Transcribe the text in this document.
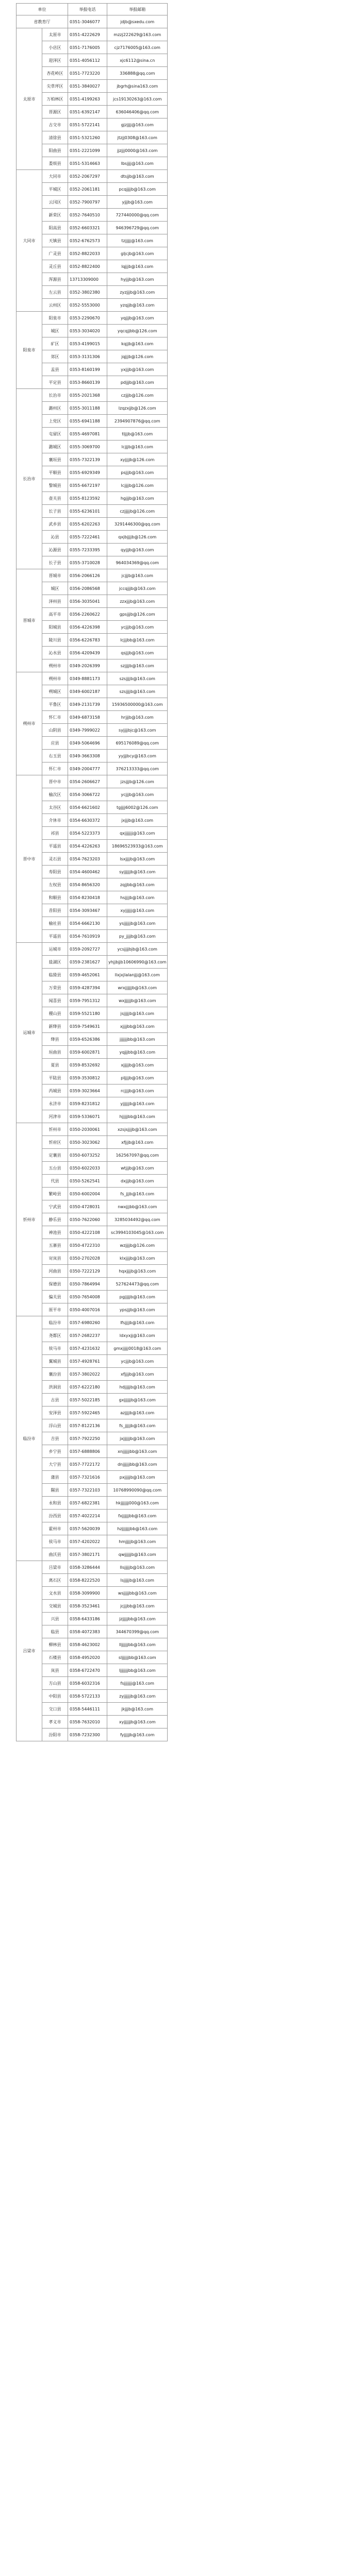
单位		举报电话	举报邮箱
省教育厅		0351-3046077	jdjb@sxedu.com
太原市	太原市	0351-4222629	mzzj222629@163.com
	小店区	0351-7176005	cjz7176005@163.com
	迎泽区	0351-4056112	xjc6112@sina.cn
	杏花岭区	0351-7723220	336888@qq.com
	尖草坪区	0351-3840027	jbgrh@sina163.com
	万柏林区	0351-4199263	jcs19130263@163.com
	晋源区	0351-6392147	636046406@qq.com
	古交市	0351-5722141	gjzjjjj@163.com
	清徐县	0351-5321260	jtzjj0308@163.com
	阳曲县	0351-2221099	jjzjjj0000@163.com
	娄烦县	0351-5314663	lbsjjjj@163.com
大同市	大同市	0352-2067297	dtsjjb@163.com
	平城区	0352-2061181	pcqjjjjb@163.com
	云冈区	0352-7900797	yjjjb@163.com
	新荣区	0352-7640510	727440000@qq.com
	阳高县	0352-6603321	946396729@qq.com
	天镇县	0352-6762573	tzjjjjj@163.com
	广灵县	0352-8822033	gljcjb@163.com
	灵丘县	0352-8822400	lqjjjb@163.com
	浑源县	13713309000	hyjjjb@163.com
	左云县	0352-3802380	zyzjjjb@163.com
	云州区	0352-5553000	yzqjjb@163.com
阳泉市	阳泉市	0353-2290670	yqjjjb@163.com
	城区	0353-3034020	yqcqjjbb@126.com
	矿区	0353-4199015	kqjjb@163.com
	郊区	0353-3131306	jqjjjb@126.com
	盂县	0353-8160199	yxjjjb@163.com
	平定县	0353-8660139	pdjjjb@163.com
长治市	长治市	0355-2021368	czjjjb@126.com
	潞州区	0355-3011188	lzqzxjjb@126.com
	上党区	0355-6941188	2394907876@qq.com
	屯留区	0355-4697081	tljjjb@163.com
	潞城区	0355-3069700	lcjjjb@163.com
	襄垣县	0355-7322139	xyjjjjb@126.com
	平顺县	0355-6929349	psjjjb@163.com
	黎城县	0355-6672197	lcjjjjb@126.com
	壶关县	0355-8123592	hgjjjb@163.com
	长子县	0355-6236101	czjjjjjb@126.com
	武乡县	0355-6202263	3291446300@qq.com
	沁县	0355-7222461	qxjbjjjjb@126.com
	沁源县	0355-7233395	qyjjjb@163.com
	长子县	0355-3710028	964034369@qq.com
晋城市	晋城市	0356-2066126	jcjjjb@163.com
	城区	0356-2086568	jccqjjjb@163.com
	泽州县	0356-3035041	zzxjjjb@163.com
	高平市	0356-2260622	gpsjjjb@126.com
	阳城县	0356-4226398	ycjjjb@163.com
	陵川县	0356-6226783	lcjjjbb@163.com
	沁水县	0356-4209439	qsjjjb@163.com
	朔州市	0349-2026399	szjjjjb@163.com
朔州市	朔州市	0349-8881173	szsjjjjb@163.com
	朔城区	0349-6002187	szsjjjjb@163.com
	平鲁区	0349-2131739	15936500000@163.com
	怀仁市	0349-6873158	hrjjjb@163.com
	山阴县	0349-7999022	syjjjjbjc@163.com
	应县	0349-5064696	695176089@qq.com
	右玉县	0349-3663308	yyjjjbcy@163.com
	怀仁市	0349-2004777	376213333@qq.com
晋中市	晋中市	0354-2606627	jzsjjjb@126.com
	榆次区	0354-3066722	ycjjjb@163.com
	太谷区	0354-6621602	tgjjjj6002@126.com
	介休市	0354-6630372	jxjjjb@163.com
	祁县	0354-5223373	qxjjjjjjj@163.com
	平遥县	0354-4226263	18696523933@163.com
	灵石县	0354-7623203	lsxjjjjb@163.com
	寿阳县	0354-4600462	syjjjjjjb@163.com
	左权县	0354-8656320	zqjjbb@163.com
	和顺县	0354-8230418	hsjjjjb@163.com
	昔阳县	0354-3093467	xyjjjjjj@163.com
	榆社县	0354-6662130	ysjjjjjjb@163.com
	平遥县	0354-7610919	py_jjjjb@163.com
运城市	运城市	0359-2092727	ycsjjjjbjb@163.com
	盐湖区	0359-2381627	yhjjbjjb10606990@163.com
	临猗县	0359-4652061	llxjxjlalanjjj@163.com
	万荣县	0359-4287394	wrxjjjjjjb@163.com
	闻喜县	0359-7951312	wxjjjjjjb@163.com
	稷山县	0359-5521180	jsjjjjjb@163.com
	新绛县	0359-7549631	xjjjjbb@163.com
	绛县	0359-6526386	jjjjjjjbb@163.com
	垣曲县	0359-6002871	yqjjjbb@163.com
	夏县	0359-8532692	xjjjjjb@163.com
	平陆县	0359-3530812	pljjjjb@163.com
	芮城县	0359-3023664	rcjjjjb@163.com
	永济市	0359-8231812	yjjjjjjb@163.com
	河津市	0359-5336071	hjjjjjbb@163.com
忻州市	忻州市	0350-2030061	xzsjsjjjjb@163.com
	忻府区	0350-3023062	xfjjjb@163.com
	定襄县	0350-6073252	162567097@qq.com
	五台县	0350-6022033	wtjjjb@163.com
	代县	0350-5262541	dxjjjb@163.com
	繁峙县	0350-6002004	fs_jjjb@163.com
	宁武县	0350-4728031	nwxjjjbb@163.com
	静乐县	0350-7622060	3285034492@qq.com
	神池县	0350-4222108	sc3994103045@163.com
	五寨县	0350-4722310	wzjjjjb@126.com
	岢岚县	0350-2702028	klxjjjjb@163.com
	河曲县	0350-7222129	hqxjjjjb@163.com
	保德县	0350-7864994	527624473@qq.com
	偏关县	0350-7654008	pgjjjjjb@163.com
	原平市	0350-4007016	ypsjjjb@163.com
临汾市	临汾市	0357-6980260	lfsjjjjb@163.com
	尧都区	0357-2682237	ldxyxjj@163.com
	侯马市	0357-4231632	gmxjjjjj0018@163.com
	翼城县	0357-4928761	ycjjjb@163.com
	襄汾县	0357-3802022	xfjjjjb@163.com
	洪洞县	0357-6222180	hdjjjjjb@163.com
	古县	0357-5022185	gxjjjjjjb@163.com
	安泽县	0357-5922465	azjjjjb@163.com
	浮山县	0357-8122136	fs_jjjjjb@163.com
	吉县	0357-7922250	jxjjjjjjb@163.com
	乡宁县	0357-6888806	xnjjjjjjbb@163.com
	大宁县	0357-7722172	dnjjjjjjbb@163.com
	蒲县	0357-7321616	pxjjjjjb@163.com
	隰县	0357-7322103	10768990090@qq.com
	永和县	0357-6822381	hkjjjjjjj000@163.com
	汾西县	0357-4022214	fxjjjjjjbb@163.com
	霍州市	0357-5620039	hzjjjjjjjbb@163.com
	侯马市	0357-4202022	hmjjjjjb@163.com
	曲沃县	0357-3802171	qwjjjjjjb@163.com
吕梁市	吕梁市	0358-3286444	llsjjjjjb@163.com
	离石区	0358-8222520	lsjjjjjb@163.com
	文水县	0358-3099900	wsjjjjjbb@163.com
	交城县	0358-3523461	jcjjjbb@163.com
	兴县	0358-6433186	jzjjjjjbb@163.com
	临县	0358-4072383	344670399@qq.com
	柳林县	0358-4623002	lljjjjjjbb@163.com
	石楼县	0358-4952020	sljjjjjjbb@163.com
	岚县	0358-6722470	ljjjjjjjbb@163.com
	方山县	0358-6032316	fsjjjjjjj@163.com
	中阳县	0358-5722133	zyjjjjjjb@163.com
	交口县	0358-5446111	jkjjjb@163.com
	孝义市	0358-7632010	xyjjjjjjb@163.com
	汾阳市	0358-7232300	fyjjjjjb@163.com
